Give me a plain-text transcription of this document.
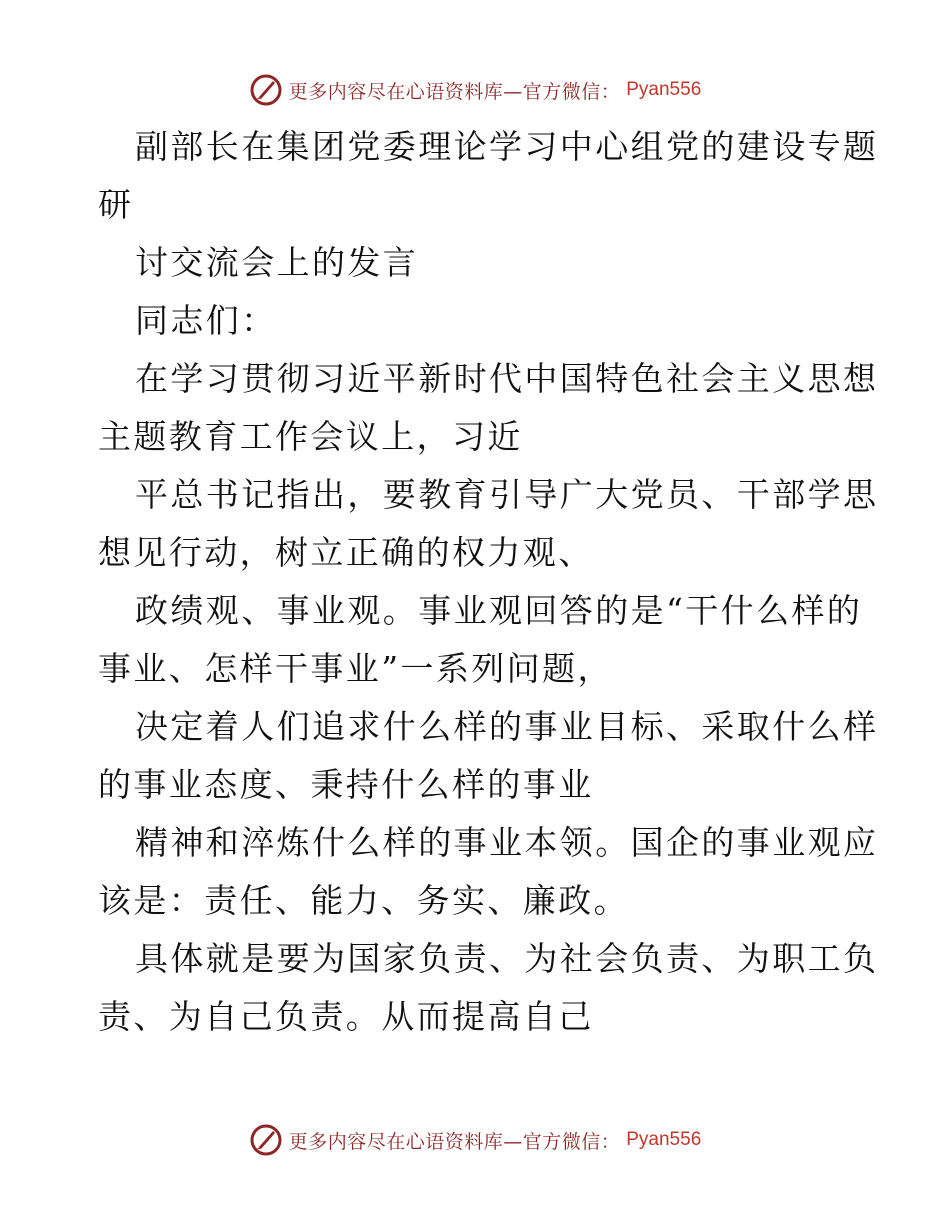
更多内容尽在心语资料库—官方微信： Pyan556
副部长在集团党委理论学习中心组党的建设专题
研
讨交流会上的发言
同志们：
在学习贯彻习近平新时代中国特色社会主义思想
主题教育工作会议上，习近
平总书记指出，要教育引导广大党员、干部学思
想见行动，树立正确的权力观、
政绩观、事业观。事业观回答的是“干什么样的
事业、怎样干事业”一系列问题，
决定着人们追求什么样的事业目标、采取什么样
的事业态度、秉持什么样的事业
精神和淬炼什么样的事业本领。国企的事业观应
该是：责任、能力、务实、廉政。
具体就是要为国家负责、为社会负责、为职工负
责、为自己负责。从而提高自己
更多内容尽在心语资料库—官方微信： Pyan556
